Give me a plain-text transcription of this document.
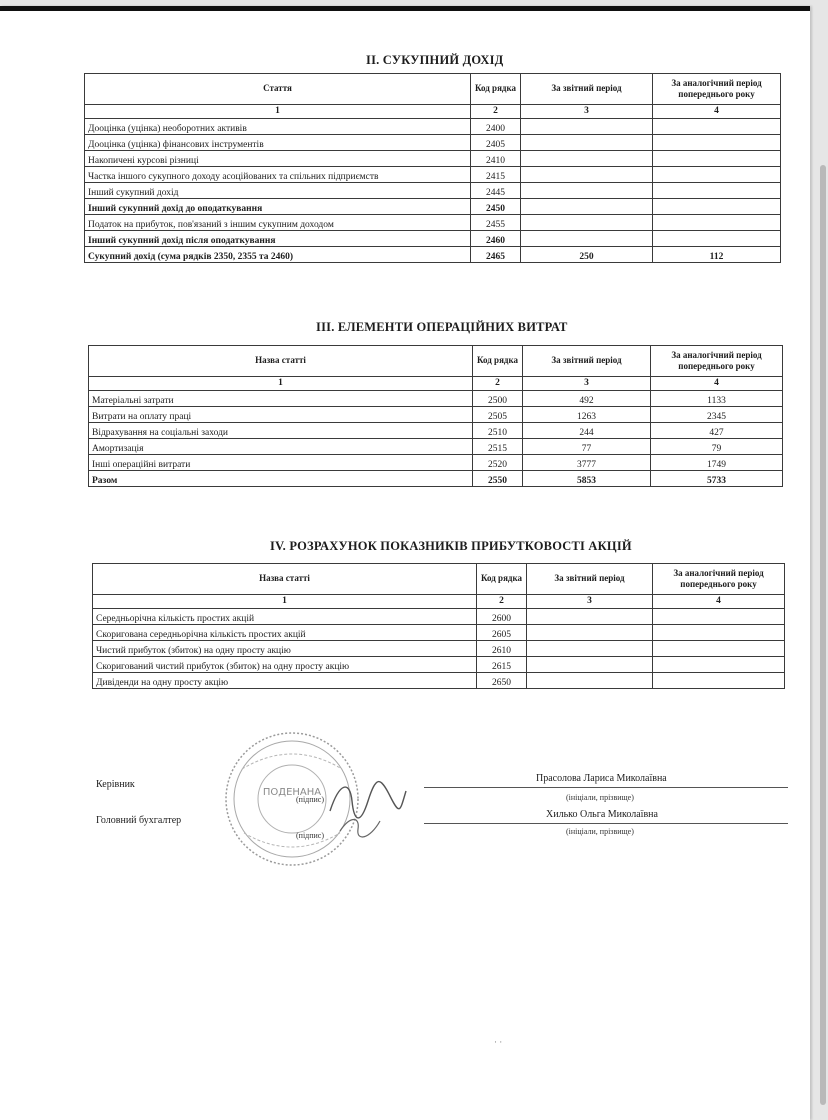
ІІ. СУКУПНИЙ ДОХІД
Стаття	Код рядка	За звітний період	За аналогічний період попереднього року
1	2	3	4
Дооцінка (уцінка) необоротних активів	2400		
Дооцінка (уцінка) фінансових інструментів	2405		
Накопичені курсові різниці	2410		
Частка іншого сукупного доходу асоційованих та спільних підприємств	2415		
Інший сукупний дохід	2445		
Інший сукупний дохід до оподаткування	2450		
Податок на прибуток, пов'язаний з іншим сукупним доходом	2455		
Інший сукупний дохід після оподаткування	2460		
Сукупний дохід (сума рядків 2350, 2355 та 2460)	2465	250	112
ІІІ. ЕЛЕМЕНТИ ОПЕРАЦІЙНИХ ВИТРАТ
Назва статті	Код рядка	За звітний період	За аналогічний період попереднього року
1	2	3	4
Матеріальні затрати	2500	492	1133
Витрати на оплату праці	2505	1263	2345
Відрахування на соціальні заходи	2510	244	427
Амортизація	2515	77	79
Інші операційні витрати	2520	3777	1749
Разом	2550	5853	5733
IV. РОЗРАХУНОК ПОКАЗНИКІВ ПРИБУТКОВОСТІ АКЦІЙ
Назва статті	Код рядка	За звітний період	За аналогічний період попереднього року
1	2	3	4
Середньорічна кількість простих акцій	2600		
Скоригована середньорічна кількість простих акцій	2605		
Чистий прибуток (збиток) на одну просту акцію	2610		
Скоригований чистий прибуток (збиток) на одну просту акцію	2615		
Дивіденди на одну просту акцію	2650		
ПОДЕНАНА
Керівник
Прасолова Лариса Миколаївна
(підпис)	(ініціали, прізвище)
Головний бухгалтер
Хилько Ольга Миколаївна
(підпис)	(ініціали, прізвище)
· ·
